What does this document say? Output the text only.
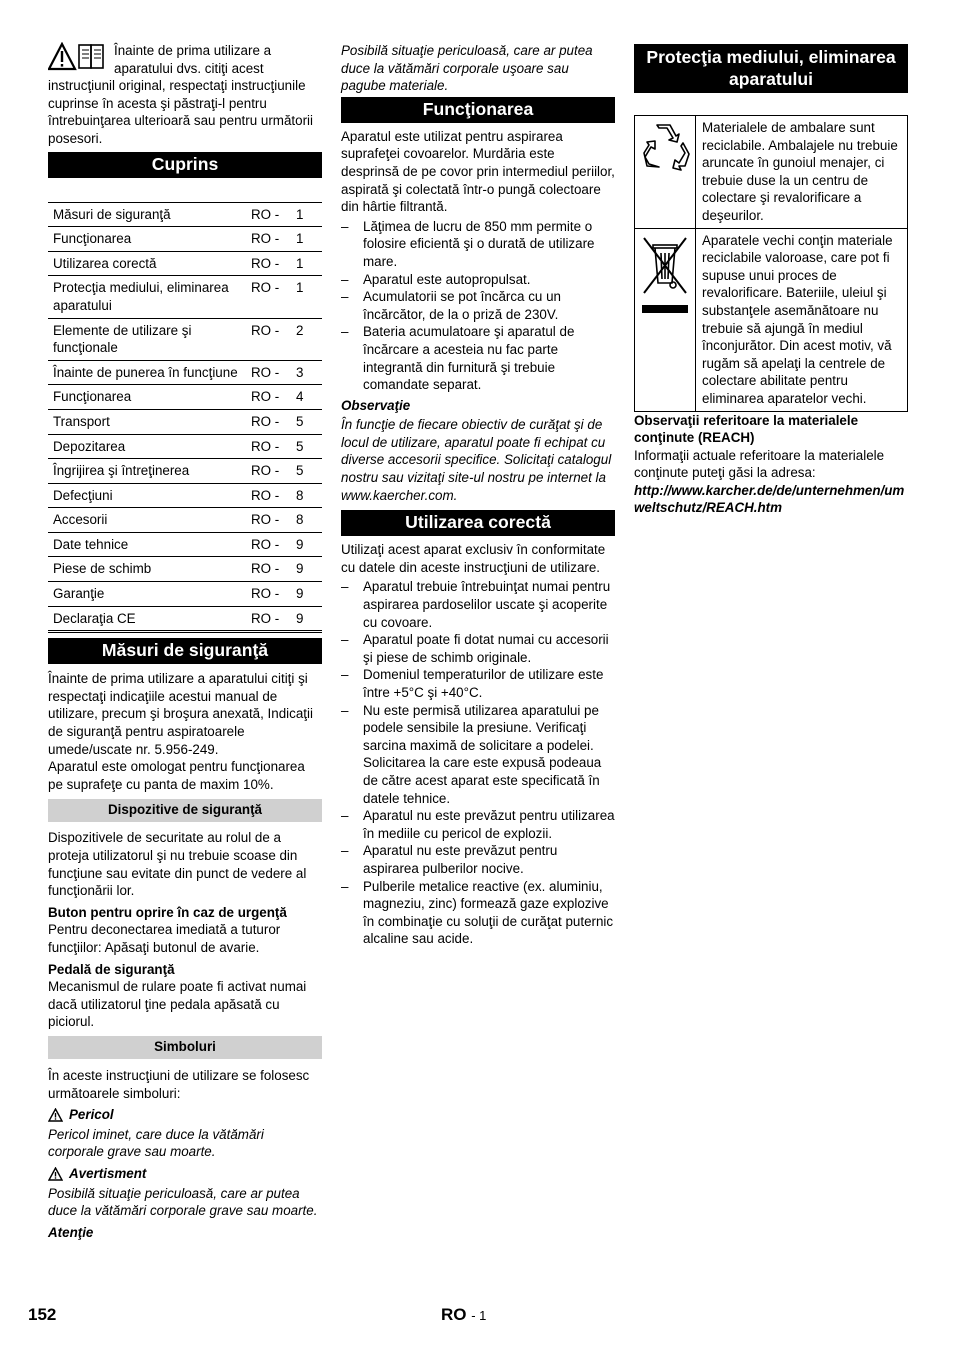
Înainte de prima utilizare a aparatului dvs. citiţi acest instrucţiunil original, respectaţi instrucţiunile cuprinse în acesta şi păstraţi-l pentru întrebuinţarea ulterioară sau pentru următorii posesori.

Cuprins
Măsuri de siguranţă	RO -	1
Funcţionarea	RO -	1
Utilizarea corectă	RO -	1
Protecţia mediului, eliminarea aparatului	RO -	1
Elemente de utilizare şi funcţionale	RO -	2
Înainte de punerea în funcţiune	RO -	3
Funcţionarea	RO -	4
Transport	RO -	5
Depozitarea	RO -	5
Îngrijirea şi întreţinerea	RO -	5
Defecţiuni	RO -	8
Accesorii	RO -	8
Date tehnice	RO -	9
Piese de schimb	RO -	9
Garanţie	RO -	9
Declaraţia CE	RO -	9
Măsuri de siguranţă

Înainte de prima utilizare a aparatului citiţi şi respectaţi indicaţiile acestui manual de utilizare, precum şi broşura anexată, Indicaţii de siguranţă pentru aspiratoarele umede/uscate nr. 5.956-249.

Aparatul este omologat pentru funcţionarea pe suprafeţe cu panta de maxim 10%.

Dispozitive de siguranţă

Dispozitivele de securitate au rolul de a proteja utilizatorul şi nu trebuie scoase din funcţiune sau evitate din punct de vedere al funcţionării lor.

Buton pentru oprire în caz de urgenţă

Pentru deconectarea imediată a tuturor funcţiilor: Apăsaţi butonul de avarie.

Pedală de siguranţă

Mecanismul de rulare poate fi activat numai dacă utilizatorul ţine pedala apăsată cu piciorul.

Simboluri

În aceste instrucţiuni de utilizare se folosesc următoarele simboluri:

Pericol

Pericol iminet, care duce la vătămări corporale grave sau moarte.

Avertisment

Posibilă situaţie periculoasă, care ar putea duce la vătămări corporale grave sau moarte.

Atenţie

Posibilă situaţie periculoasă, care ar putea duce la vătămări corporale uşoare sau pagube materiale.

Funcţionarea

Aparatul este utilizat pentru aspirarea suprafeţei covoarelor. Murdăria este desprinsă de pe covor prin intermediul periilor, aspirată şi colectată într-o pungă colectoare din hârtie filtrantă.

– Lăţimea de lucru de 850 mm permite o folosire eficientă şi o durată de utilizare mare.
– Aparatul este autopropulsat.
– Acumulatorii se pot încărca cu un încărcător, de la o priză de 230V.
– Bateria acumulatoare şi aparatul de încărcare a acesteia nu fac parte integrantă din furnitură şi trebuie comandate separat.

Observaţie

În funcţie de fiecare obiectiv de curăţat şi de locul de utilizare, aparatul poate fi echipat cu diverse accesorii specifice. Solicitaţi catalogul nostru sau vizitaţi site-ul nostru pe internet la www.kaercher.com.

Utilizarea corectă

Utilizaţi acest aparat exclusiv în conformitate cu datele din aceste instrucţiuni de utilizare.

– Aparatul trebuie întrebuinţat numai pentru aspirarea pardoselilor uscate şi acoperite cu covoare.
– Aparatul poate fi dotat numai cu accesorii şi piese de schimb originale.
– Domeniul temperaturilor de utilizare este între +5°C şi +40°C.
– Nu este permisă utilizarea aparatului pe podele sensibile la presiune. Verificaţi sarcina maximă de solicitare a podelei. Solicitarea la care este expusă podeaua de către acest aparat este specificată în datele tehnice.
– Aparatul nu este prevăzut pentru utilizarea în mediile cu pericol de explozii.
– Aparatul nu este prevăzut pentru aspirarea pulberilor nocive.
– Pulberile metalice reactive (ex. aluminiu, magneziu, zinc) formează gaze explozive în combinaţie cu soluţii de curăţat puternic alcaline sau acide.
Protecţia mediului, eliminarea aparatului
	Materialele de ambalare sunt reciclabile. Ambalajele nu trebuie aruncate în gunoiul menajer, ci trebuie duse la un centru de colectare şi revalorificare a deşeurilor.
	Aparatele vechi conţin materiale reciclabile valoroase, care pot fi supuse unui proces de revalorificare. Bateriile, uleiul şi substanţele asemănătoare nu trebuie să ajungă în mediul înconjurător. Din acest motiv, vă rugăm să apelaţi la centrele de colectare abilitate pentru eliminarea aparatelor vechi.

Observaţii referitoare la materialele conţinute (REACH)

Informaţii actuale referitoare la materialele conţinute puteţi găsi la adresa:

http://www.karcher.de/de/unternehmen/umweltschutz/REACH.htm

152	RO - 1
